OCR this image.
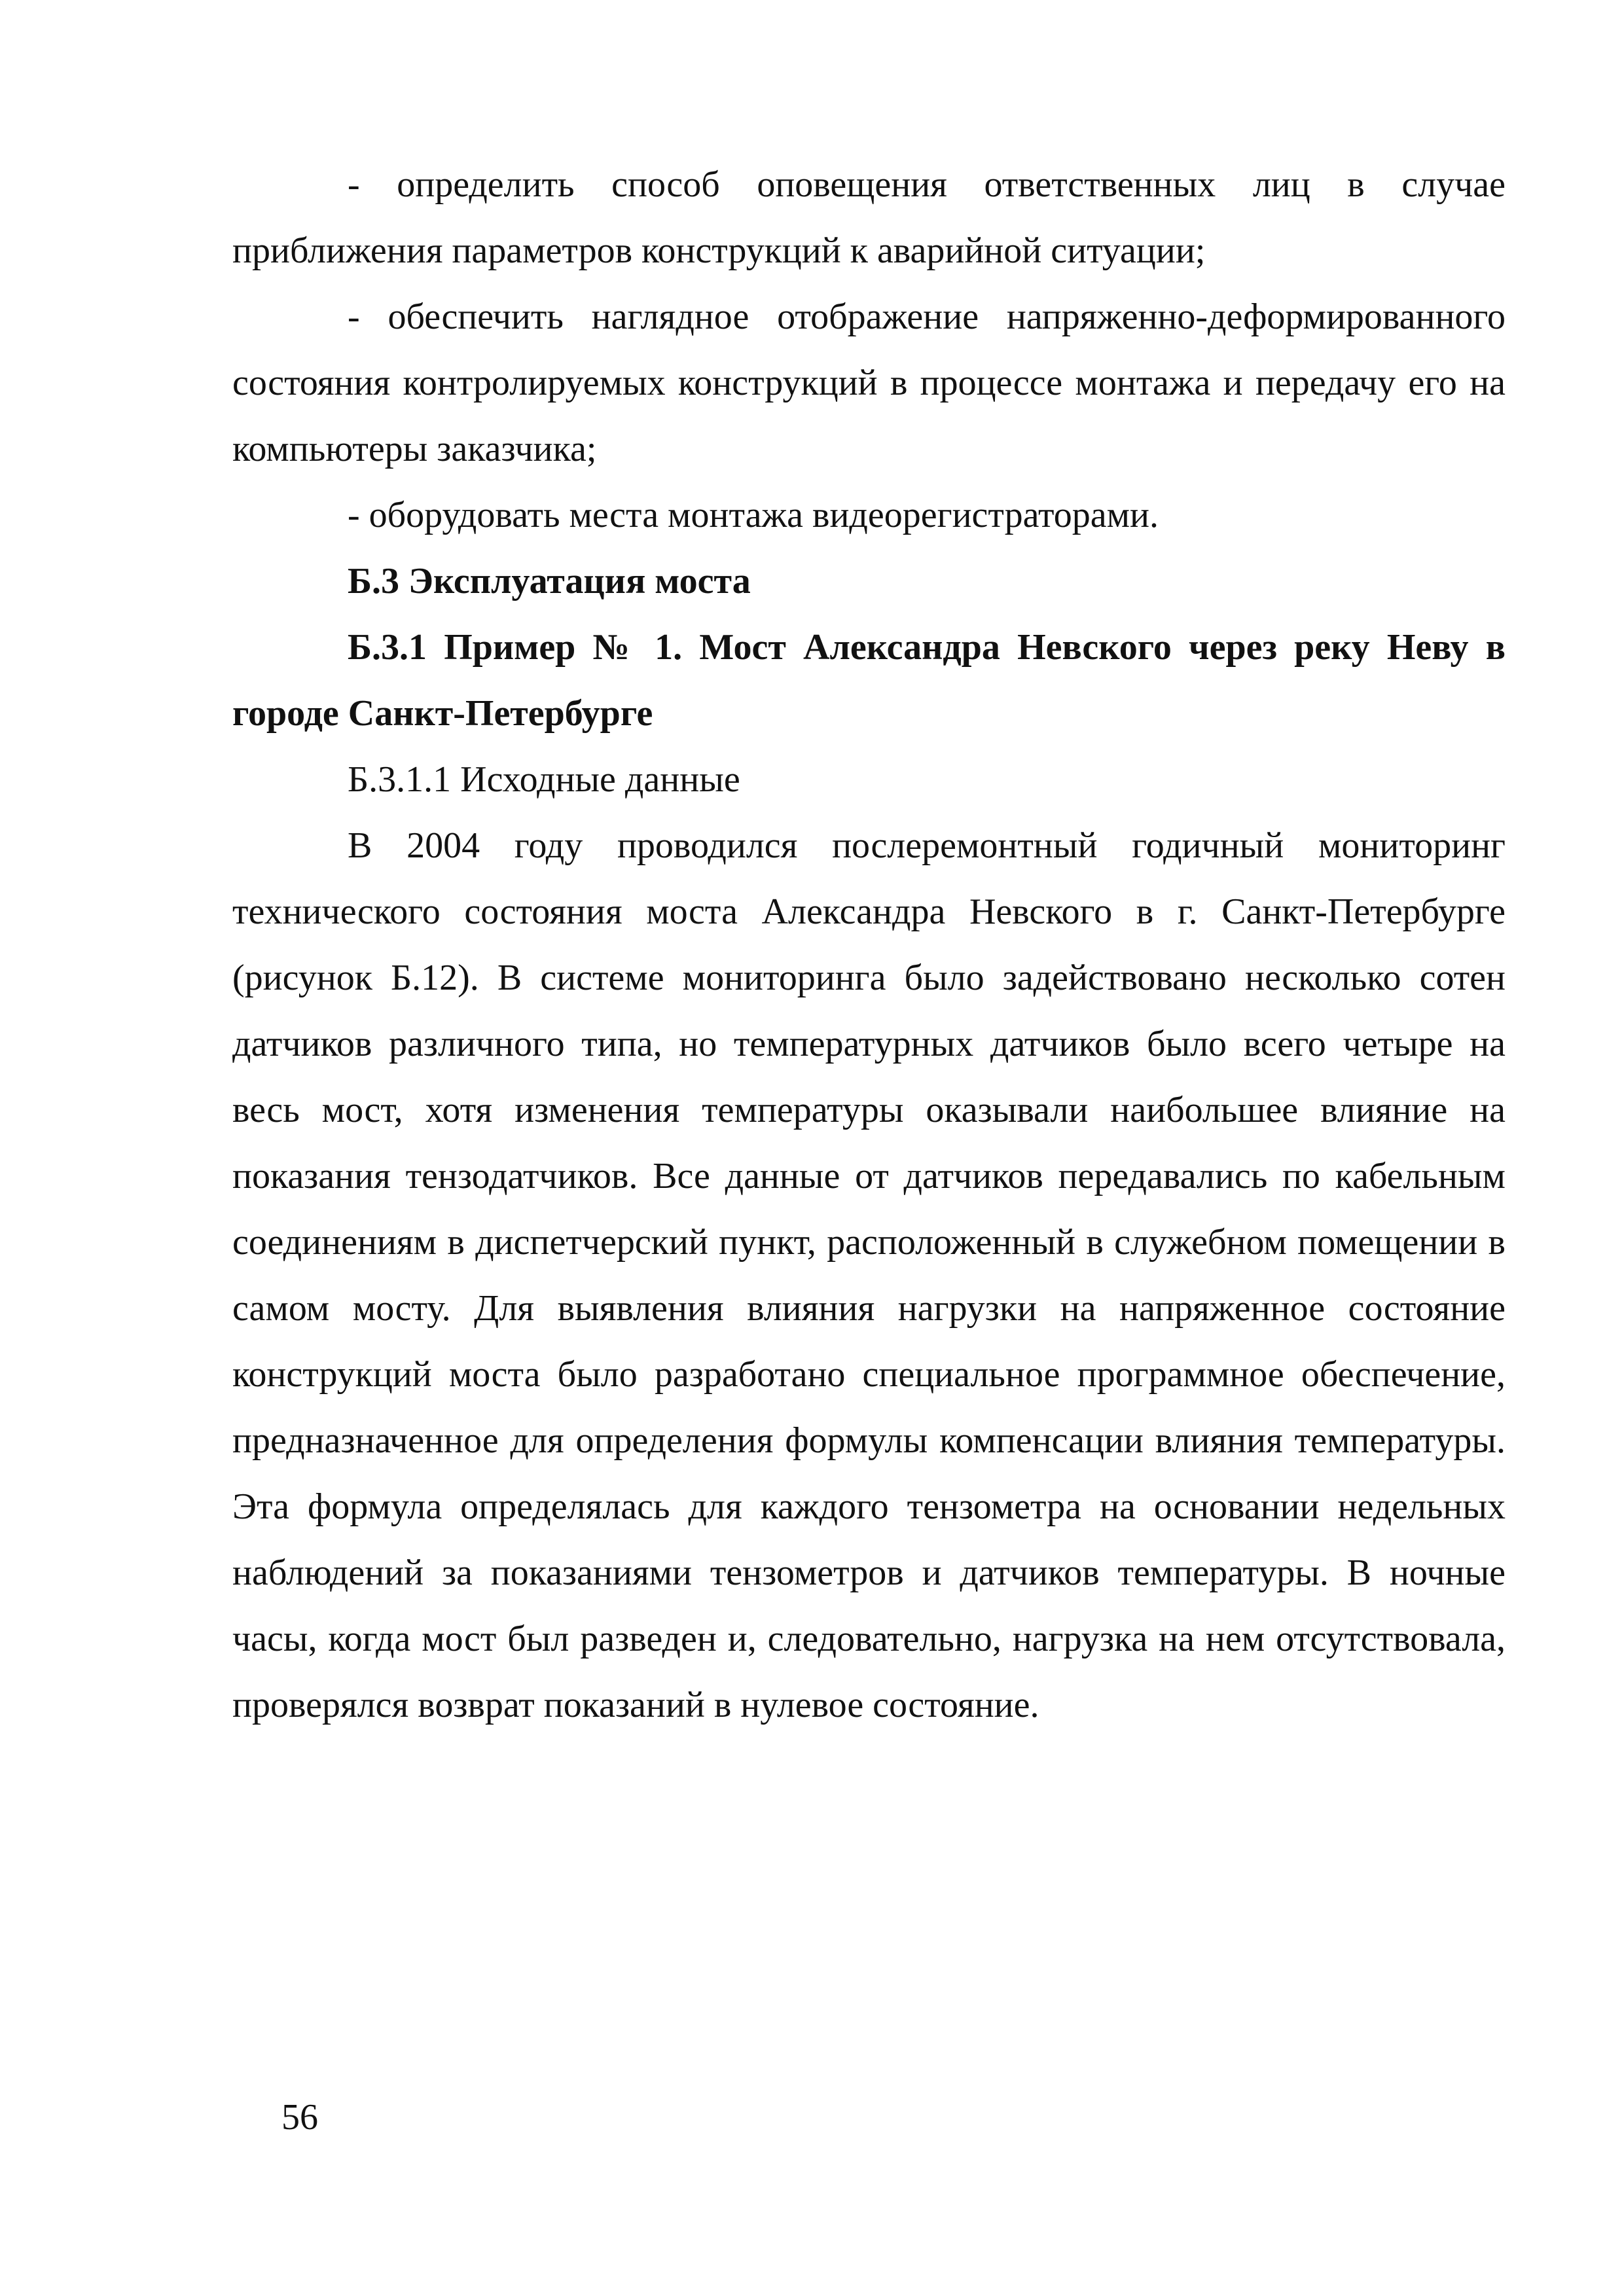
- определить способ оповещения ответственных лиц в случае приближения параметров конструкций к аварийной ситуации;

- обеспечить наглядное отображение напряженно-деформированного состояния контролируемых конструкций в процессе монтажа и передачу его на компьютеры заказчика;

- оборудовать места монтажа видеорегистраторами.

Б.3 Эксплуатация моста

Б.3.1 Пример № 1. Мост Александра Невского через реку Неву в городе Санкт-Петербурге

Б.3.1.1 Исходные данные

В 2004 году проводился послеремонтный годичный мониторинг технического состояния моста Александра Невского в г. Санкт-Петербурге (рисунок Б.12). В системе мониторинга было задействовано несколько сотен датчиков различного типа, но температурных датчиков было всего четыре на весь мост, хотя изменения температуры оказывали наибольшее влияние на показания тензодатчиков. Все данные от датчиков передавались по кабельным соединениям в диспетчерский пункт, расположенный в служебном помещении в самом мосту. Для выявления влияния нагрузки на напряженное состояние конструкций моста было разработано специальное программное обеспечение, предназначенное для определения формулы компенсации влияния температуры. Эта формула определялась для каждого тензометра на основании недельных наблюдений за показаниями тензометров и датчиков температуры. В ночные часы, когда мост был разведен и, следовательно, нагрузка на нем отсутствовала, проверялся возврат показаний в нулевое состояние.

56
